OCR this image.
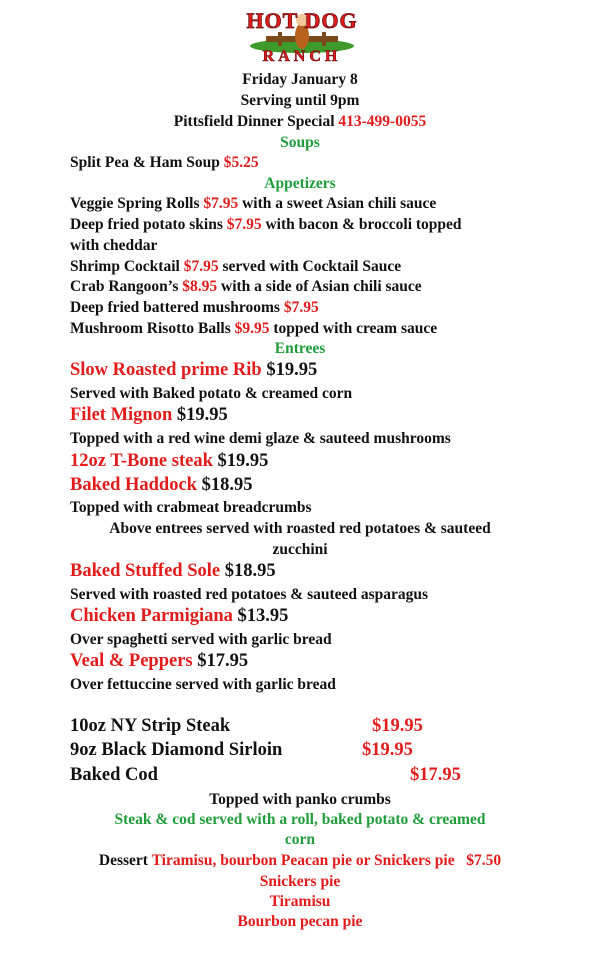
HOT DOG
RANCH
Friday January 8
Serving until 9pm
Pittsfield Dinner Special 413-499-0055
Soups
Split Pea & Ham Soup $5.25
Appetizers
Veggie Spring Rolls $7.95 with a sweet Asian chili sauce
Deep fried potato skins $7.95 with bacon & broccoli topped
with cheddar
Shrimp Cocktail $7.95 served with Cocktail Sauce
Crab Rangoon’s $8.95 with a side of Asian chili sauce
Deep fried battered mushrooms $7.95
Mushroom Risotto Balls $9.95 topped with cream sauce
Entrees
Slow Roasted prime Rib $19.95
Served with Baked potato & creamed corn
Filet Mignon $19.95
Topped with a red wine demi glaze & sauteed mushrooms
12oz T-Bone steak $19.95
Baked Haddock $18.95
Topped with crabmeat breadcrumbs
Above entrees served with roasted red potatoes & sauteed
zucchini
Baked Stuffed Sole $18.95
Served with roasted red potatoes & sauteed asparagus
Chicken Parmigiana $13.95
Over spaghetti served with garlic bread
Veal & Peppers $17.95
Over fettuccine served with garlic bread
10oz NY Strip Steak	$19.95
9oz Black Diamond Sirloin	$19.95
Baked Cod	$17.95
Topped with panko crumbs
Steak & cod served with a roll, baked potato & creamed
corn
Dessert Tiramisu, bourbon Peacan pie or Snickers pie $7.50
Snickers pie
Tiramisu
Bourbon pecan pie
